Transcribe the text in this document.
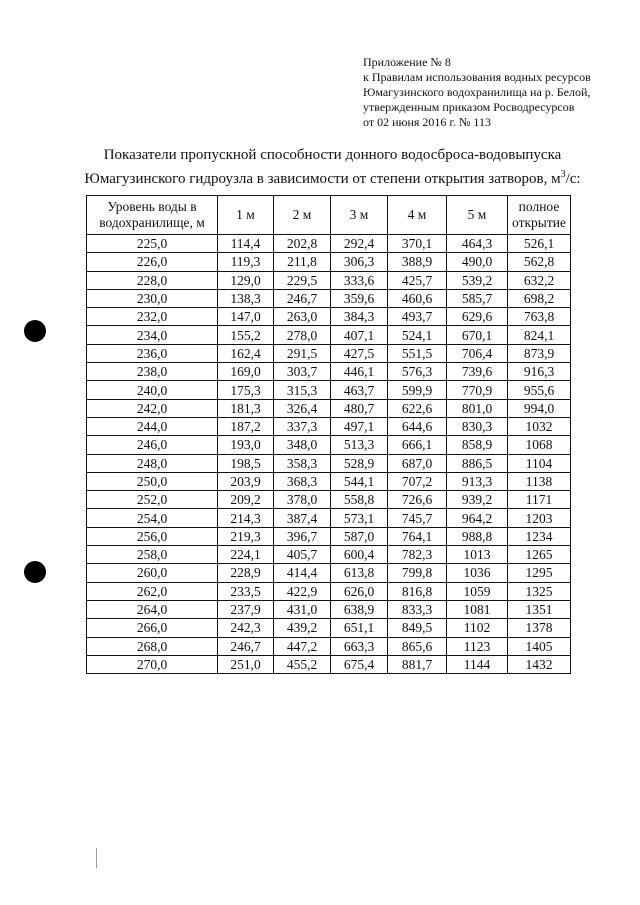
Приложение № 8
к Правилам использования водных ресурсов
Юмагузинского водохранилища на р. Белой,
утвержденным приказом Росводресурсов
от 02 июня 2016 г. № 113
Показатели пропускной способности донного водосброса-водовыпуска
Юмагузинского гидроузла в зависимости от степени открытия затворов, $м^3/с$:
Уровень воды в
водохранилище, м	1 м	2 м	3 м	4 м	5 м	полное
открытие
225,0	114,4	202,8	292,4	370,1	464,3	526,1
226,0	119,3	211,8	306,3	388,9	490,0	562,8
228,0	129,0	229,5	333,6	425,7	539,2	632,2
230,0	138,3	246,7	359,6	460,6	585,7	698,2
232,0	147,0	263,0	384,3	493,7	629,6	763,8
234,0	155,2	278,0	407,1	524,1	670,1	824,1
236,0	162,4	291,5	427,5	551,5	706,4	873,9
238,0	169,0	303,7	446,1	576,3	739,6	916,3
240,0	175,3	315,3	463,7	599,9	770,9	955,6
242,0	181,3	326,4	480,7	622,6	801,0	994,0
244,0	187,2	337,3	497,1	644,6	830,3	1032
246,0	193,0	348,0	513,3	666,1	858,9	1068
248,0	198,5	358,3	528,9	687,0	886,5	1104
250,0	203,9	368,3	544,1	707,2	913,3	1138
252,0	209,2	378,0	558,8	726,6	939,2	1171
254,0	214,3	387,4	573,1	745,7	964,2	1203
256,0	219,3	396,7	587,0	764,1	988,8	1234
258,0	224,1	405,7	600,4	782,3	1013	1265
260,0	228,9	414,4	613,8	799,8	1036	1295
262,0	233,5	422,9	626,0	816,8	1059	1325
264,0	237,9	431,0	638,9	833,3	1081	1351
266,0	242,3	439,2	651,1	849,5	1102	1378
268,0	246,7	447,2	663,3	865,6	1123	1405
270,0	251,0	455,2	675,4	881,7	1144	1432
